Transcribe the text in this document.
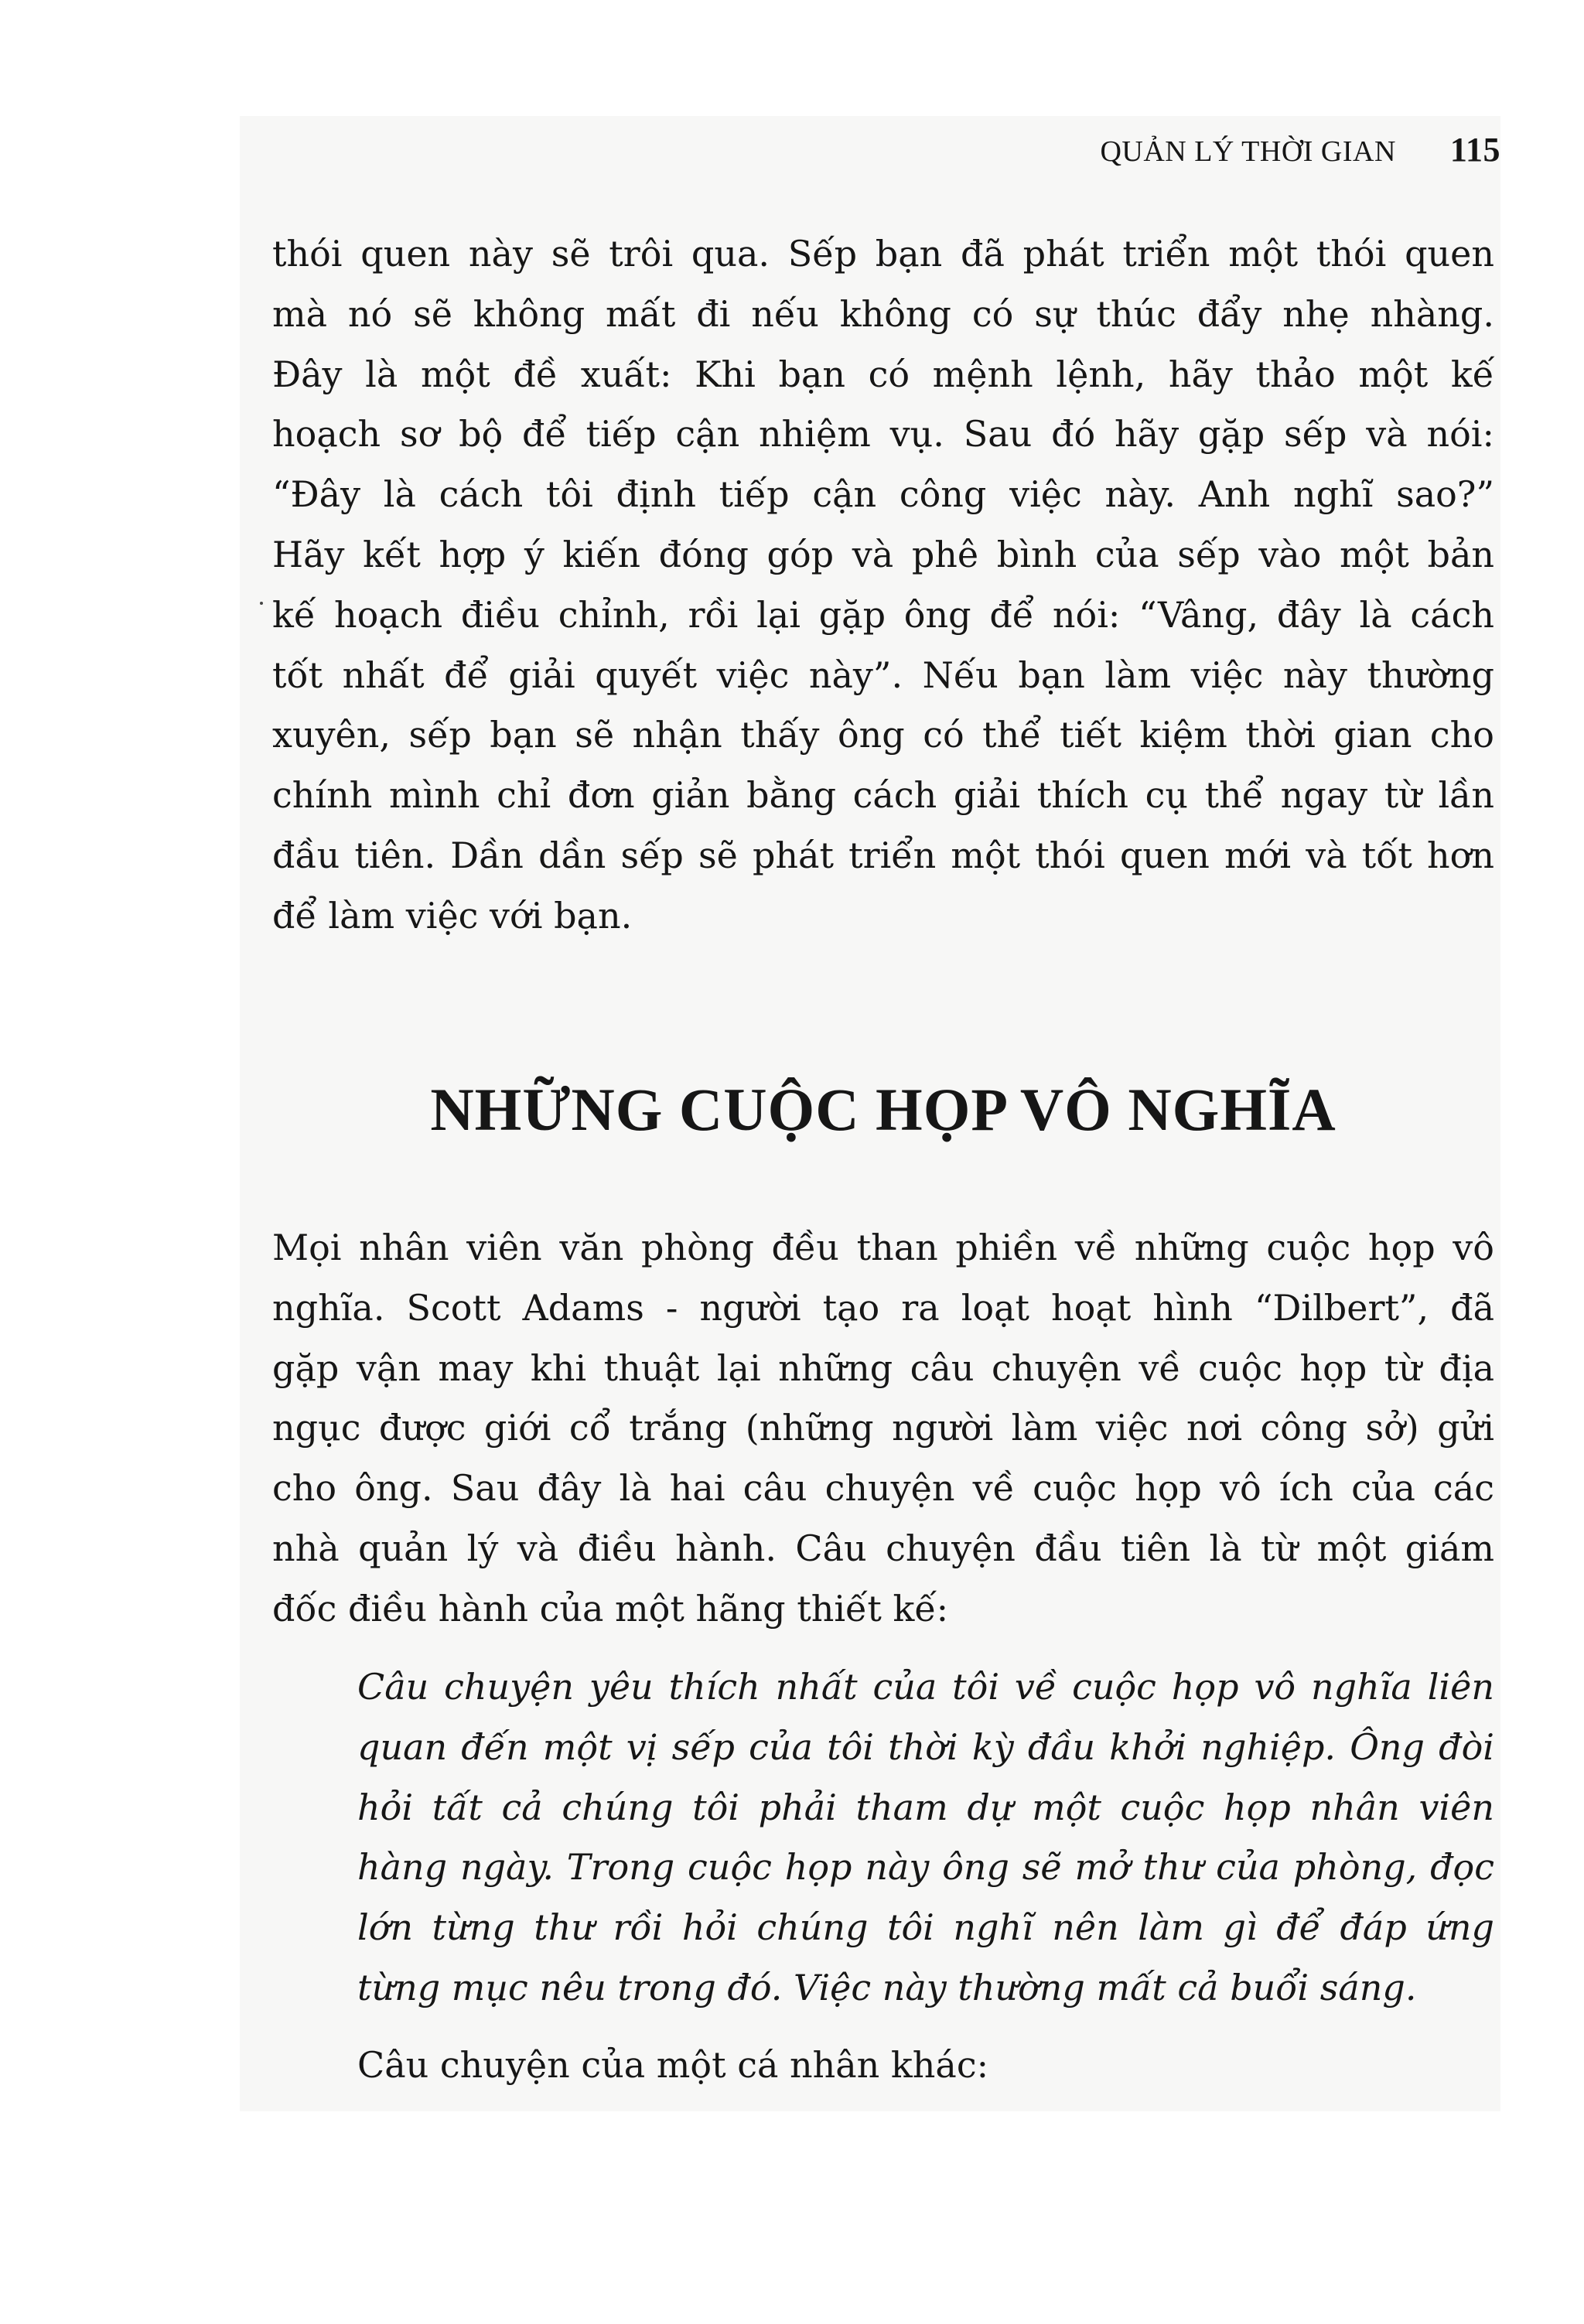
QUẢN LÝ THỜI GIAN 115

thói quen này sẽ trôi qua. Sếp bạn đã phát triển một thói quen
mà nó sẽ không mất đi nếu không có sự thúc đẩy nhẹ nhàng.
Đây là một đề xuất: Khi bạn có mệnh lệnh, hãy thảo một kế
hoạch sơ bộ để tiếp cận nhiệm vụ. Sau đó hãy gặp sếp và nói:
“Đây là cách tôi định tiếp cận công việc này. Anh nghĩ sao?”
Hãy kết hợp ý kiến đóng góp và phê bình của sếp vào một bản
kế hoạch điều chỉnh, rồi lại gặp ông để nói: “Vâng, đây là cách
tốt nhất để giải quyết việc này”. Nếu bạn làm việc này thường
xuyên, sếp bạn sẽ nhận thấy ông có thể tiết kiệm thời gian cho
chính mình chỉ đơn giản bằng cách giải thích cụ thể ngay từ lần
đầu tiên. Dần dần sếp sẽ phát triển một thói quen mới và tốt hơn
để làm việc với bạn.

NHỮNG CUỘC HỌP VÔ NGHĨA

Mọi nhân viên văn phòng đều than phiền về những cuộc họp vô
nghĩa. Scott Adams - người tạo ra loạt hoạt hình “Dilbert”, đã
gặp vận may khi thuật lại những câu chuyện về cuộc họp từ địa
ngục được giới cổ trắng (những người làm việc nơi công sở) gửi
cho ông. Sau đây là hai câu chuyện về cuộc họp vô ích của các
nhà quản lý và điều hành. Câu chuyện đầu tiên là từ một giám
đốc điều hành của một hãng thiết kế:

Câu chuyện yêu thích nhất của tôi về cuộc họp vô nghĩa liên
quan đến một vị sếp của tôi thời kỳ đầu khởi nghiệp. Ông đòi
hỏi tất cả chúng tôi phải tham dự một cuộc họp nhân viên
hàng ngày. Trong cuộc họp này ông sẽ mở thư của phòng, đọc
lớn từng thư rồi hỏi chúng tôi nghĩ nên làm gì để đáp ứng
từng mục nêu trong đó. Việc này thường mất cả buổi sáng.

Câu chuyện của một cá nhân khác:
